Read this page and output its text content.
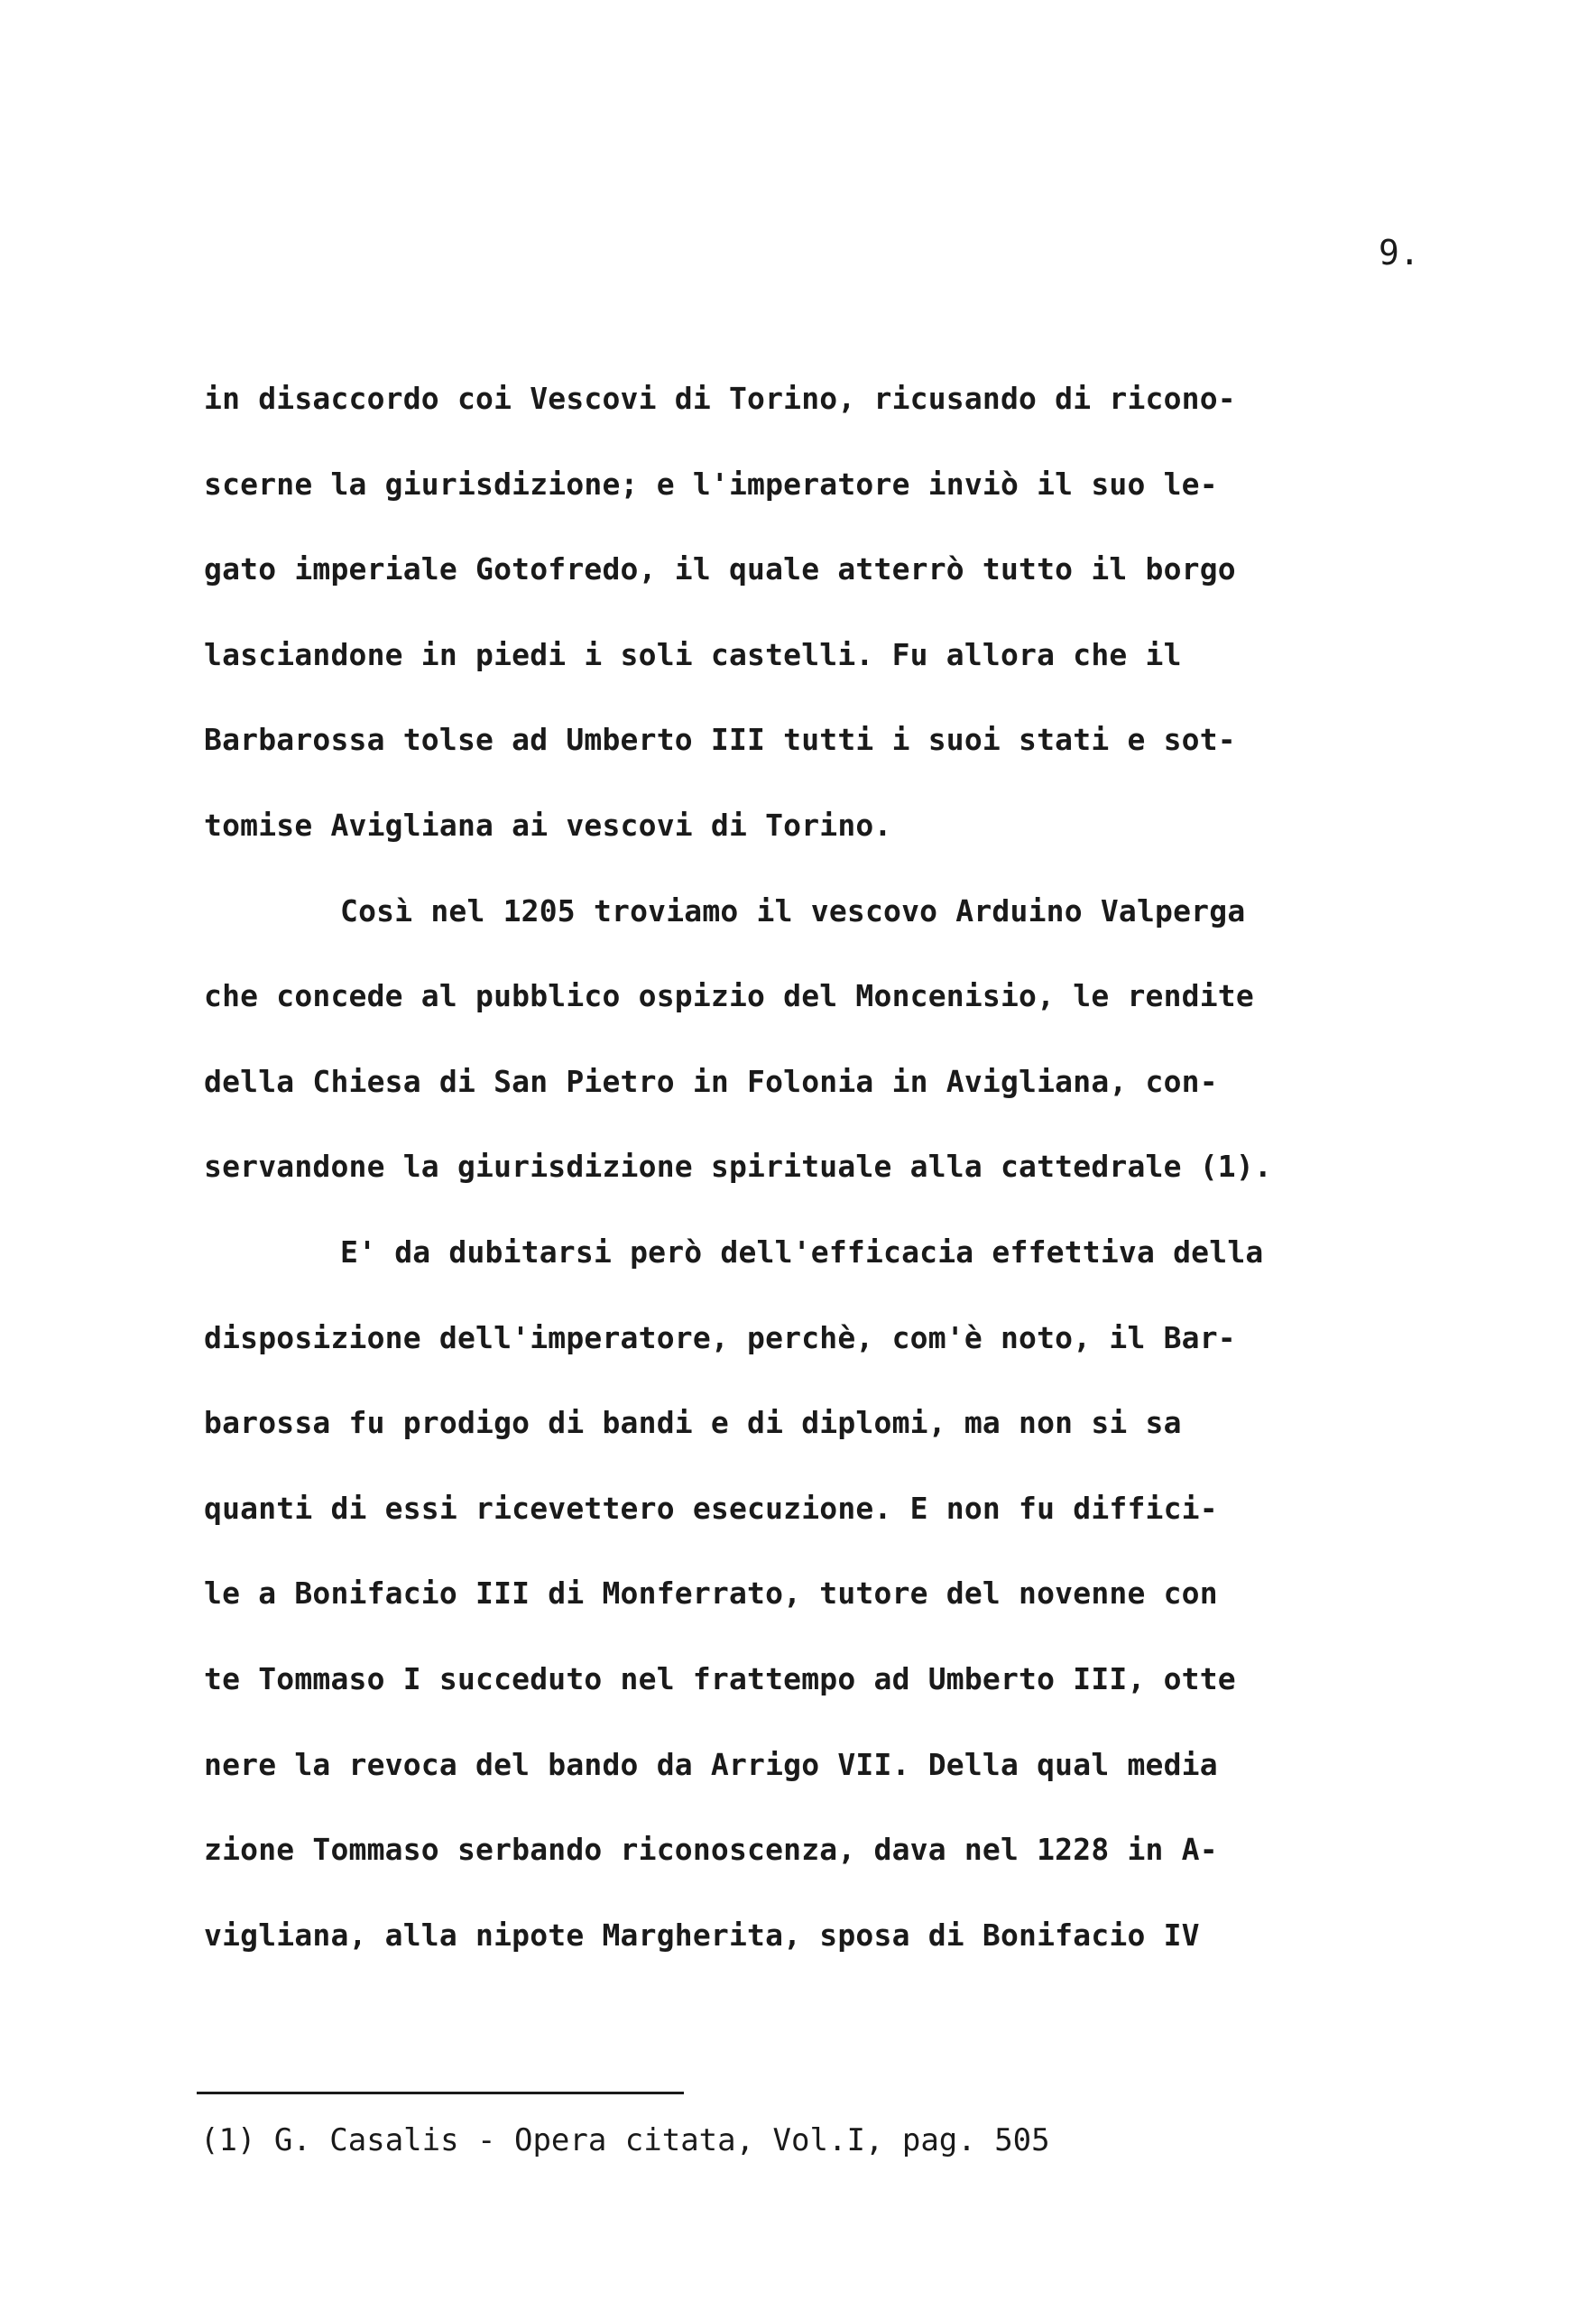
9.
in disaccordo coi Vescovi di Torino, ricusando di ricono-
scerne la giurisdizione; e l'imperatore inviò il suo le-
gato imperiale Gotofredo, il quale atterrò tutto il borgo
lasciandone in piedi i soli castelli. Fu allora che il
Barbarossa tolse ad Umberto III tutti i suoi stati e sot-
tomise Avigliana ai vescovi di Torino.
Così nel 1205 troviamo il vescovo Arduino Valperga
che concede al pubblico ospizio del Moncenisio, le rendite
della Chiesa di San Pietro in Folonia in Avigliana, con-
servandone la giurisdizione spirituale alla cattedrale (1).
E' da dubitarsi però dell'efficacia effettiva della
disposizione dell'imperatore, perchè, com'è noto, il Bar-
barossa fu prodigo di bandi e di diplomi, ma non si sa
quanti di essi ricevettero esecuzione. E non fu diffici-
le a Bonifacio III di Monferrato, tutore del novenne con
te Tommaso I succeduto nel frattempo ad Umberto III, otte
nere la revoca del bando da Arrigo VII. Della qual media
zione Tommaso serbando riconoscenza, dava nel 1228 in A-
vigliana, alla nipote Margherita, sposa di Bonifacio IV
(1) G. Casalis - Opera citata, Vol.I, pag. 505
